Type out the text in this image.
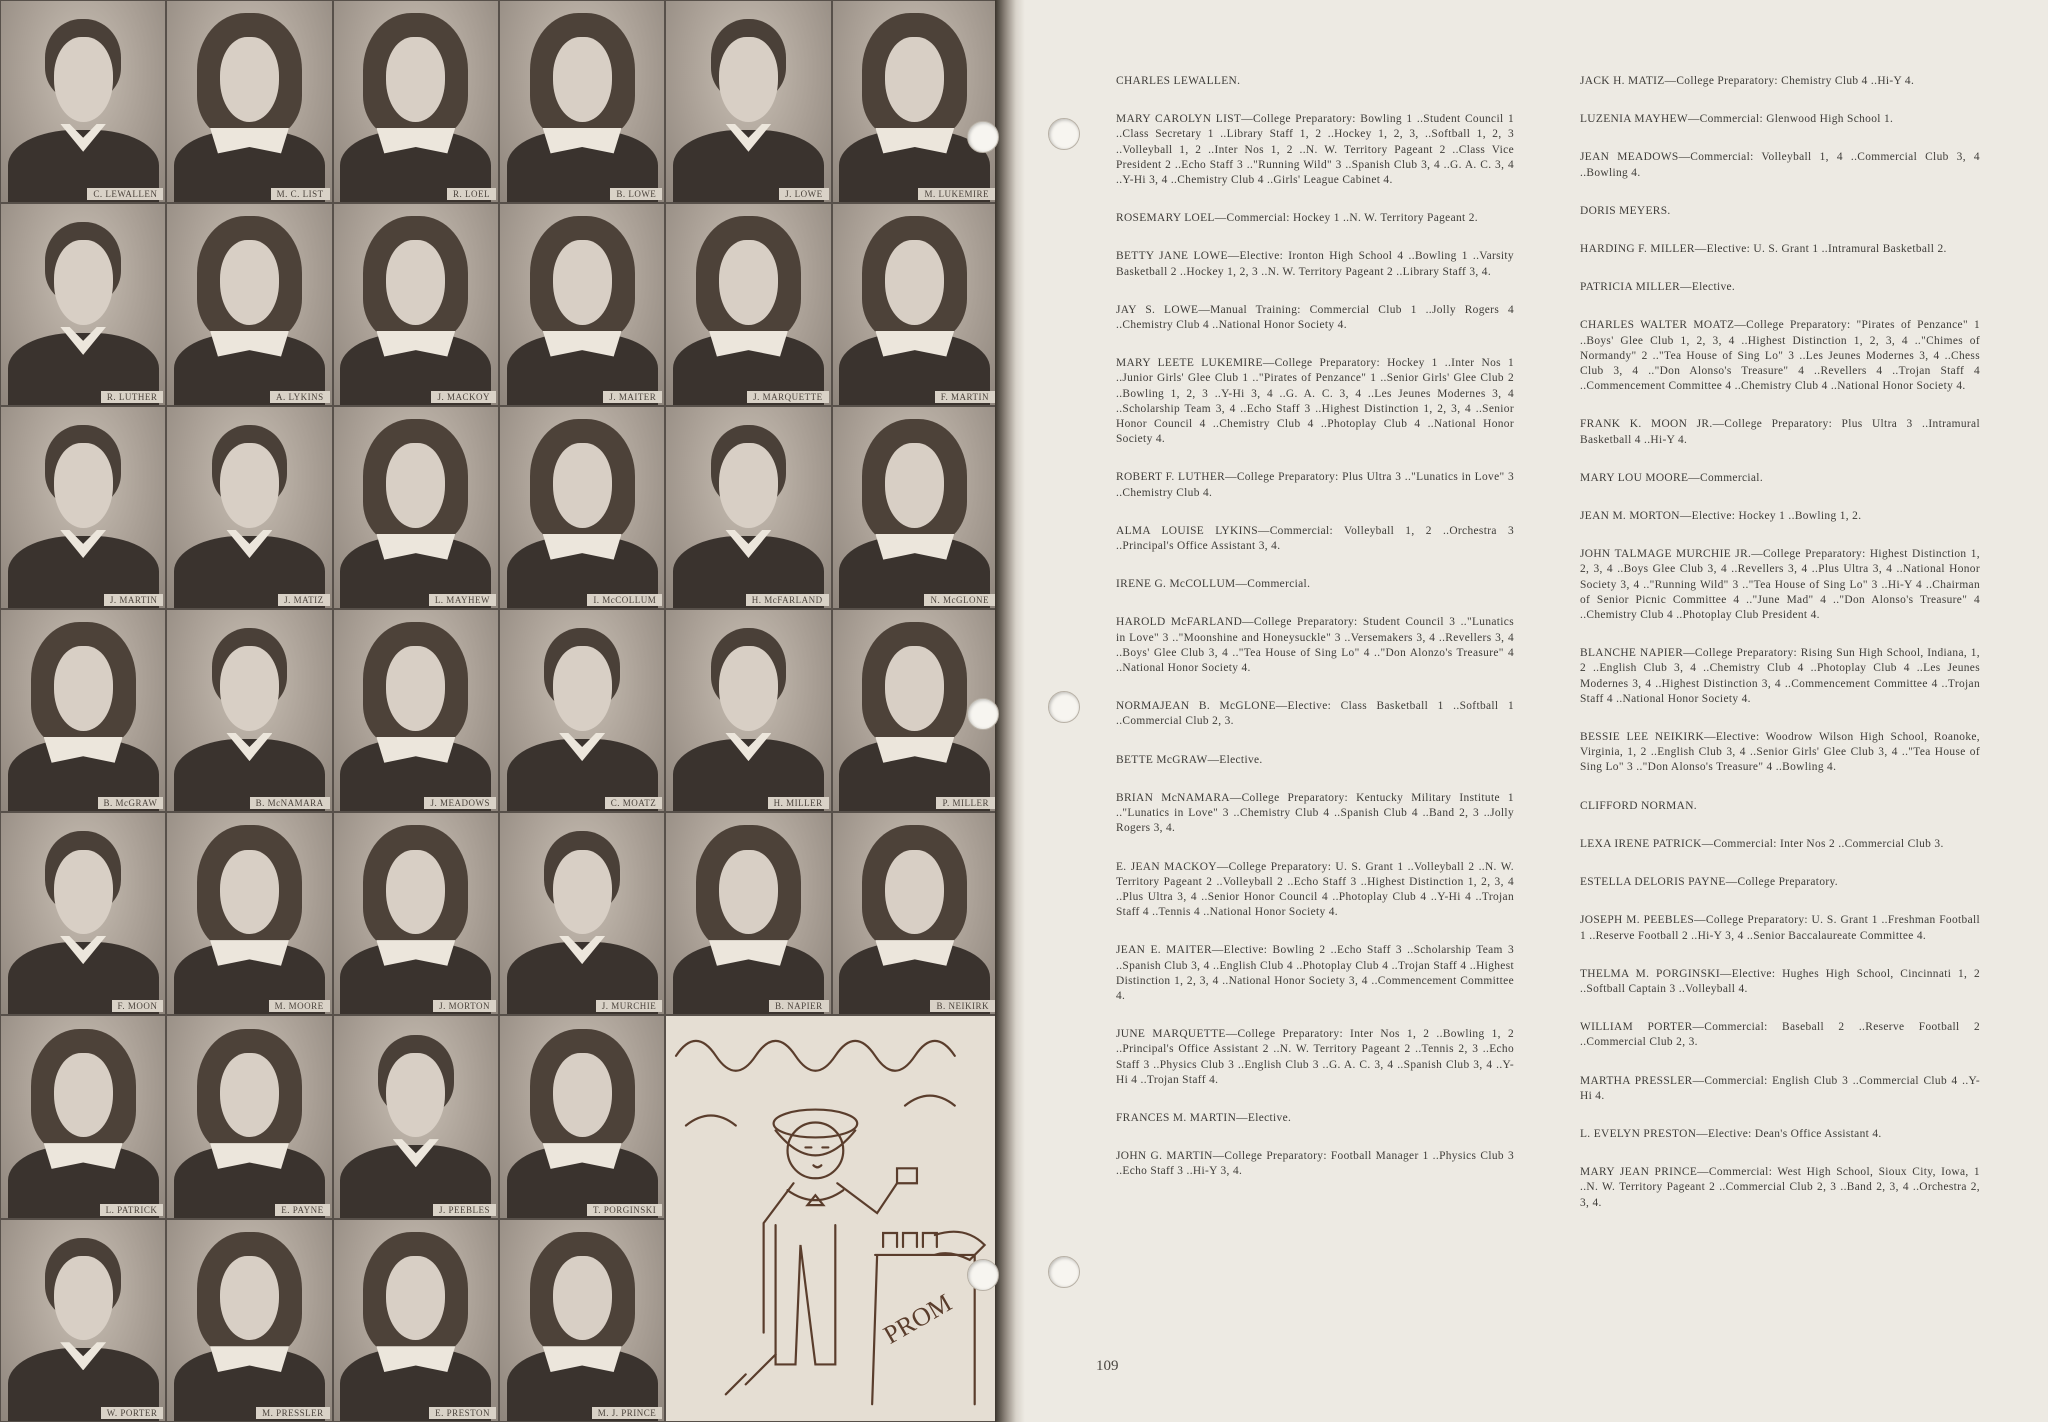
C. LEWALLEN	M. C. LIST	R. LOEL	B. LOWE	J. LOWE	M. LUKEMIRE
R. LUTHER	A. LYKINS	J. MACKOY	J. MAITER	J. MARQUETTE	F. MARTIN
J. MARTIN	J. MATIZ	L. MAYHEW	I. McCOLLUM	H. McFARLAND	N. McGLONE
B. McGRAW	B. McNAMARA	J. MEADOWS	C. MOATZ	H. MILLER	P. MILLER
F. MOON	M. MOORE	J. MORTON	J. MURCHIE	B. NAPIER	B. NEIKIRK
L. PATRICK	E. PAYNE	J. PEEBLES	T. PORGINSKI
W. PORTER	M. PRESSLER	E. PRESTON	M. J. PRINCE
PROM
CHARLES LEWALLEN.
MARY CAROLYN LIST—College Preparatory: Bowling 1 ..Student Council 1 ..Class Secretary 1 ..Library Staff 1, 2 ..Hockey 1, 2, 3, ..Softball 1, 2, 3 ..Volleyball 1, 2 ..Inter Nos 1, 2 ..N. W. Territory Pageant 2 ..Class Vice President 2 ..Echo Staff 3 .."Running Wild" 3 ..Spanish Club 3, 4 ..G. A. C. 3, 4 ..Y-Hi 3, 4 ..Chemistry Club 4 ..Girls' League Cabinet 4.
ROSEMARY LOEL—Commercial: Hockey 1 ..N. W. Territory Pageant 2.
BETTY JANE LOWE—Elective: Ironton High School 4 ..Bowling 1 ..Varsity Basketball 2 ..Hockey 1, 2, 3 ..N. W. Territory Pageant 2 ..Library Staff 3, 4.
JAY S. LOWE—Manual Training: Commercial Club 1 ..Jolly Rogers 4 ..Chemistry Club 4 ..National Honor Society 4.
MARY LEETE LUKEMIRE—College Preparatory: Hockey 1 ..Inter Nos 1 ..Junior Girls' Glee Club 1 .."Pirates of Penzance" 1 ..Senior Girls' Glee Club 2 ..Bowling 1, 2, 3 ..Y-Hi 3, 4 ..G. A. C. 3, 4 ..Les Jeunes Modernes 3, 4 ..Scholarship Team 3, 4 ..Echo Staff 3 ..Highest Distinction 1, 2, 3, 4 ..Senior Honor Council 4 ..Chemistry Club 4 ..Photoplay Club 4 ..National Honor Society 4.
ROBERT F. LUTHER—College Preparatory: Plus Ultra 3 .."Lunatics in Love" 3 ..Chemistry Club 4.
ALMA LOUISE LYKINS—Commercial: Volleyball 1, 2 ..Orchestra 3 ..Principal's Office Assistant 3, 4.
IRENE G. McCOLLUM—Commercial.
HAROLD McFARLAND—College Preparatory: Student Council 3 .."Lunatics in Love" 3 .."Moonshine and Honeysuckle" 3 ..Versemakers 3, 4 ..Revellers 3, 4 ..Boys' Glee Club 3, 4 .."Tea House of Sing Lo" 4 .."Don Alonzo's Treasure" 4 ..National Honor Society 4.
NORMAJEAN B. McGLONE—Elective: Class Basketball 1 ..Softball 1 ..Commercial Club 2, 3.
BETTE McGRAW—Elective.
BRIAN McNAMARA—College Preparatory: Kentucky Military Institute 1 .."Lunatics in Love" 3 ..Chemistry Club 4 ..Spanish Club 4 ..Band 2, 3 ..Jolly Rogers 3, 4.
E. JEAN MACKOY—College Preparatory: U. S. Grant 1 ..Volleyball 2 ..N. W. Territory Pageant 2 ..Volleyball 2 ..Echo Staff 3 ..Highest Distinction 1, 2, 3, 4 ..Plus Ultra 3, 4 ..Senior Honor Council 4 ..Photoplay Club 4 ..Y-Hi 4 ..Trojan Staff 4 ..Tennis 4 ..National Honor Society 4.
JEAN E. MAITER—Elective: Bowling 2 ..Echo Staff 3 ..Scholarship Team 3 ..Spanish Club 3, 4 ..English Club 4 ..Photoplay Club 4 ..Trojan Staff 4 ..Highest Distinction 1, 2, 3, 4 ..National Honor Society 3, 4 ..Commencement Committee 4.
JUNE MARQUETTE—College Preparatory: Inter Nos 1, 2 ..Bowling 1, 2 ..Principal's Office Assistant 2 ..N. W. Territory Pageant 2 ..Tennis 2, 3 ..Echo Staff 3 ..Physics Club 3 ..English Club 3 ..G. A. C. 3, 4 ..Spanish Club 3, 4 ..Y-Hi 4 ..Trojan Staff 4.
FRANCES M. MARTIN—Elective.
JOHN G. MARTIN—College Preparatory: Football Manager 1 ..Physics Club 3 ..Echo Staff 3 ..Hi-Y 3, 4.
JACK H. MATIZ—College Preparatory: Chemistry Club 4 ..Hi-Y 4.
LUZENIA MAYHEW—Commercial: Glenwood High School 1.
JEAN MEADOWS—Commercial: Volleyball 1, 4 ..Commercial Club 3, 4 ..Bowling 4.
DORIS MEYERS.
HARDING F. MILLER—Elective: U. S. Grant 1 ..Intramural Basketball 2.
PATRICIA MILLER—Elective.
CHARLES WALTER MOATZ—College Preparatory: "Pirates of Penzance" 1 ..Boys' Glee Club 1, 2, 3, 4 ..Highest Distinction 1, 2, 3, 4 .."Chimes of Normandy" 2 .."Tea House of Sing Lo" 3 ..Les Jeunes Modernes 3, 4 ..Chess Club 3, 4 .."Don Alonso's Treasure" 4 ..Revellers 4 ..Trojan Staff 4 ..Commencement Committee 4 ..Chemistry Club 4 ..National Honor Society 4.
FRANK K. MOON JR.—College Preparatory: Plus Ultra 3 ..Intramural Basketball 4 ..Hi-Y 4.
MARY LOU MOORE—Commercial.
JEAN M. MORTON—Elective: Hockey 1 ..Bowling 1, 2.
JOHN TALMAGE MURCHIE JR.—College Preparatory: Highest Distinction 1, 2, 3, 4 ..Boys Glee Club 3, 4 ..Revellers 3, 4 ..Plus Ultra 3, 4 ..National Honor Society 3, 4 .."Running Wild" 3 .."Tea House of Sing Lo" 3 ..Hi-Y 4 ..Chairman of Senior Picnic Committee 4 .."June Mad" 4 .."Don Alonso's Treasure" 4 ..Chemistry Club 4 ..Photoplay Club President 4.
BLANCHE NAPIER—College Preparatory: Rising Sun High School, Indiana, 1, 2 ..English Club 3, 4 ..Chemistry Club 4 ..Photoplay Club 4 ..Les Jeunes Modernes 3, 4 ..Highest Distinction 3, 4 ..Commencement Committee 4 ..Trojan Staff 4 ..National Honor Society 4.
BESSIE LEE NEIKIRK—Elective: Woodrow Wilson High School, Roanoke, Virginia, 1, 2 ..English Club 3, 4 ..Senior Girls' Glee Club 3, 4 .."Tea House of Sing Lo" 3 .."Don Alonso's Treasure" 4 ..Bowling 4.
CLIFFORD NORMAN.
LEXA IRENE PATRICK—Commercial: Inter Nos 2 ..Commercial Club 3.
ESTELLA DELORIS PAYNE—College Preparatory.
JOSEPH M. PEEBLES—College Preparatory: U. S. Grant 1 ..Freshman Football 1 ..Reserve Football 2 ..Hi-Y 3, 4 ..Senior Baccalaureate Committee 4.
THELMA M. PORGINSKI—Elective: Hughes High School, Cincinnati 1, 2 ..Softball Captain 3 ..Volleyball 4.
WILLIAM PORTER—Commercial: Baseball 2 ..Reserve Football 2 ..Commercial Club 2, 3.
MARTHA PRESSLER—Commercial: English Club 3 ..Commercial Club 4 ..Y-Hi 4.
L. EVELYN PRESTON—Elective: Dean's Office Assistant 4.
MARY JEAN PRINCE—Commercial: West High School, Sioux City, Iowa, 1 ..N. W. Territory Pageant 2 ..Commercial Club 2, 3 ..Band 2, 3, 4 ..Orchestra 2, 3, 4.
109
